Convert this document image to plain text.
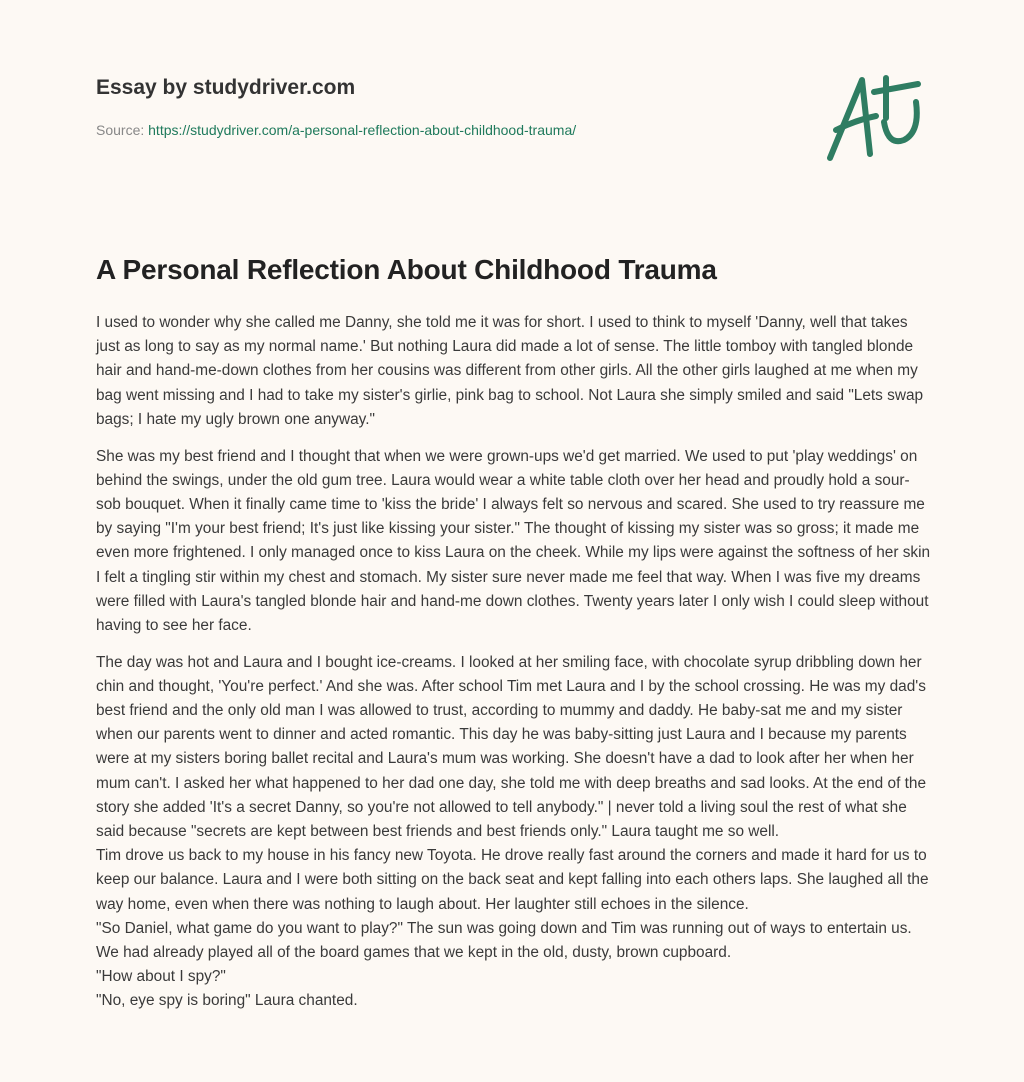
Essay by studydriver.com
Source: https://studydriver.com/a-personal-reflection-about-childhood-trauma/
A Personal Reflection About Childhood Trauma

I used to wonder why she called me Danny, she told me it was for short. I used to think to myself 'Danny, well that takes just as long to say as my normal name.' But nothing Laura did made a lot of sense. The little tomboy with tangled blonde hair and hand-me-down clothes from her cousins was different from other girls. All the other girls laughed at me when my bag went missing and I had to take my sister's girlie, pink bag to school. Not Laura she simply smiled and said "Lets swap bags; I hate my ugly brown one anyway."

She was my best friend and I thought that when we were grown-ups we'd get married. We used to put 'play weddings' on behind the swings, under the old gum tree. Laura would wear a white table cloth over her head and proudly hold a sour-sob bouquet. When it finally came time to 'kiss the bride' I always felt so nervous and scared. She used to try reassure me by saying "I'm your best friend; It's just like kissing your sister." The thought of kissing my sister was so gross; it made me even more frightened. I only managed once to kiss Laura on the cheek. While my lips were against the softness of her skin I felt a tingling stir within my chest and stomach. My sister sure never made me feel that way. When I was five my dreams were filled with Laura's tangled blonde hair and hand-me down clothes. Twenty years later I only wish I could sleep without having to see her face.

The day was hot and Laura and I bought ice-creams. I looked at her smiling face, with chocolate syrup dribbling down her chin and thought, 'You're perfect.' And she was. After school Tim met Laura and I by the school crossing. He was my dad's best friend and the only old man I was allowed to trust, according to mummy and daddy. He baby-sat me and my sister when our parents went to dinner and acted romantic. This day he was baby-sitting just Laura and I because my parents were at my sisters boring ballet recital and Laura's mum was working. She doesn't have a dad to look after her when her mum can't. I asked her what happened to her dad one day, she told me with deep breaths and sad looks. At the end of the story she added 'It's a secret Danny, so you're not allowed to tell anybody." | never told a living soul the rest of what she said because "secrets are kept between best friends and best friends only." Laura taught me so well.
Tim drove us back to my house in his fancy new Toyota. He drove really fast around the corners and made it hard for us to keep our balance. Laura and I were both sitting on the back seat and kept falling into each others laps. She laughed all the way home, even when there was nothing to laugh about. Her laughter still echoes in the silence.
"So Daniel, what game do you want to play?" The sun was going down and Tim was running out of ways to entertain us. We had already played all of the board games that we kept in the old, dusty, brown cupboard.
"How about I spy?"
"No, eye spy is boring" Laura chanted.
